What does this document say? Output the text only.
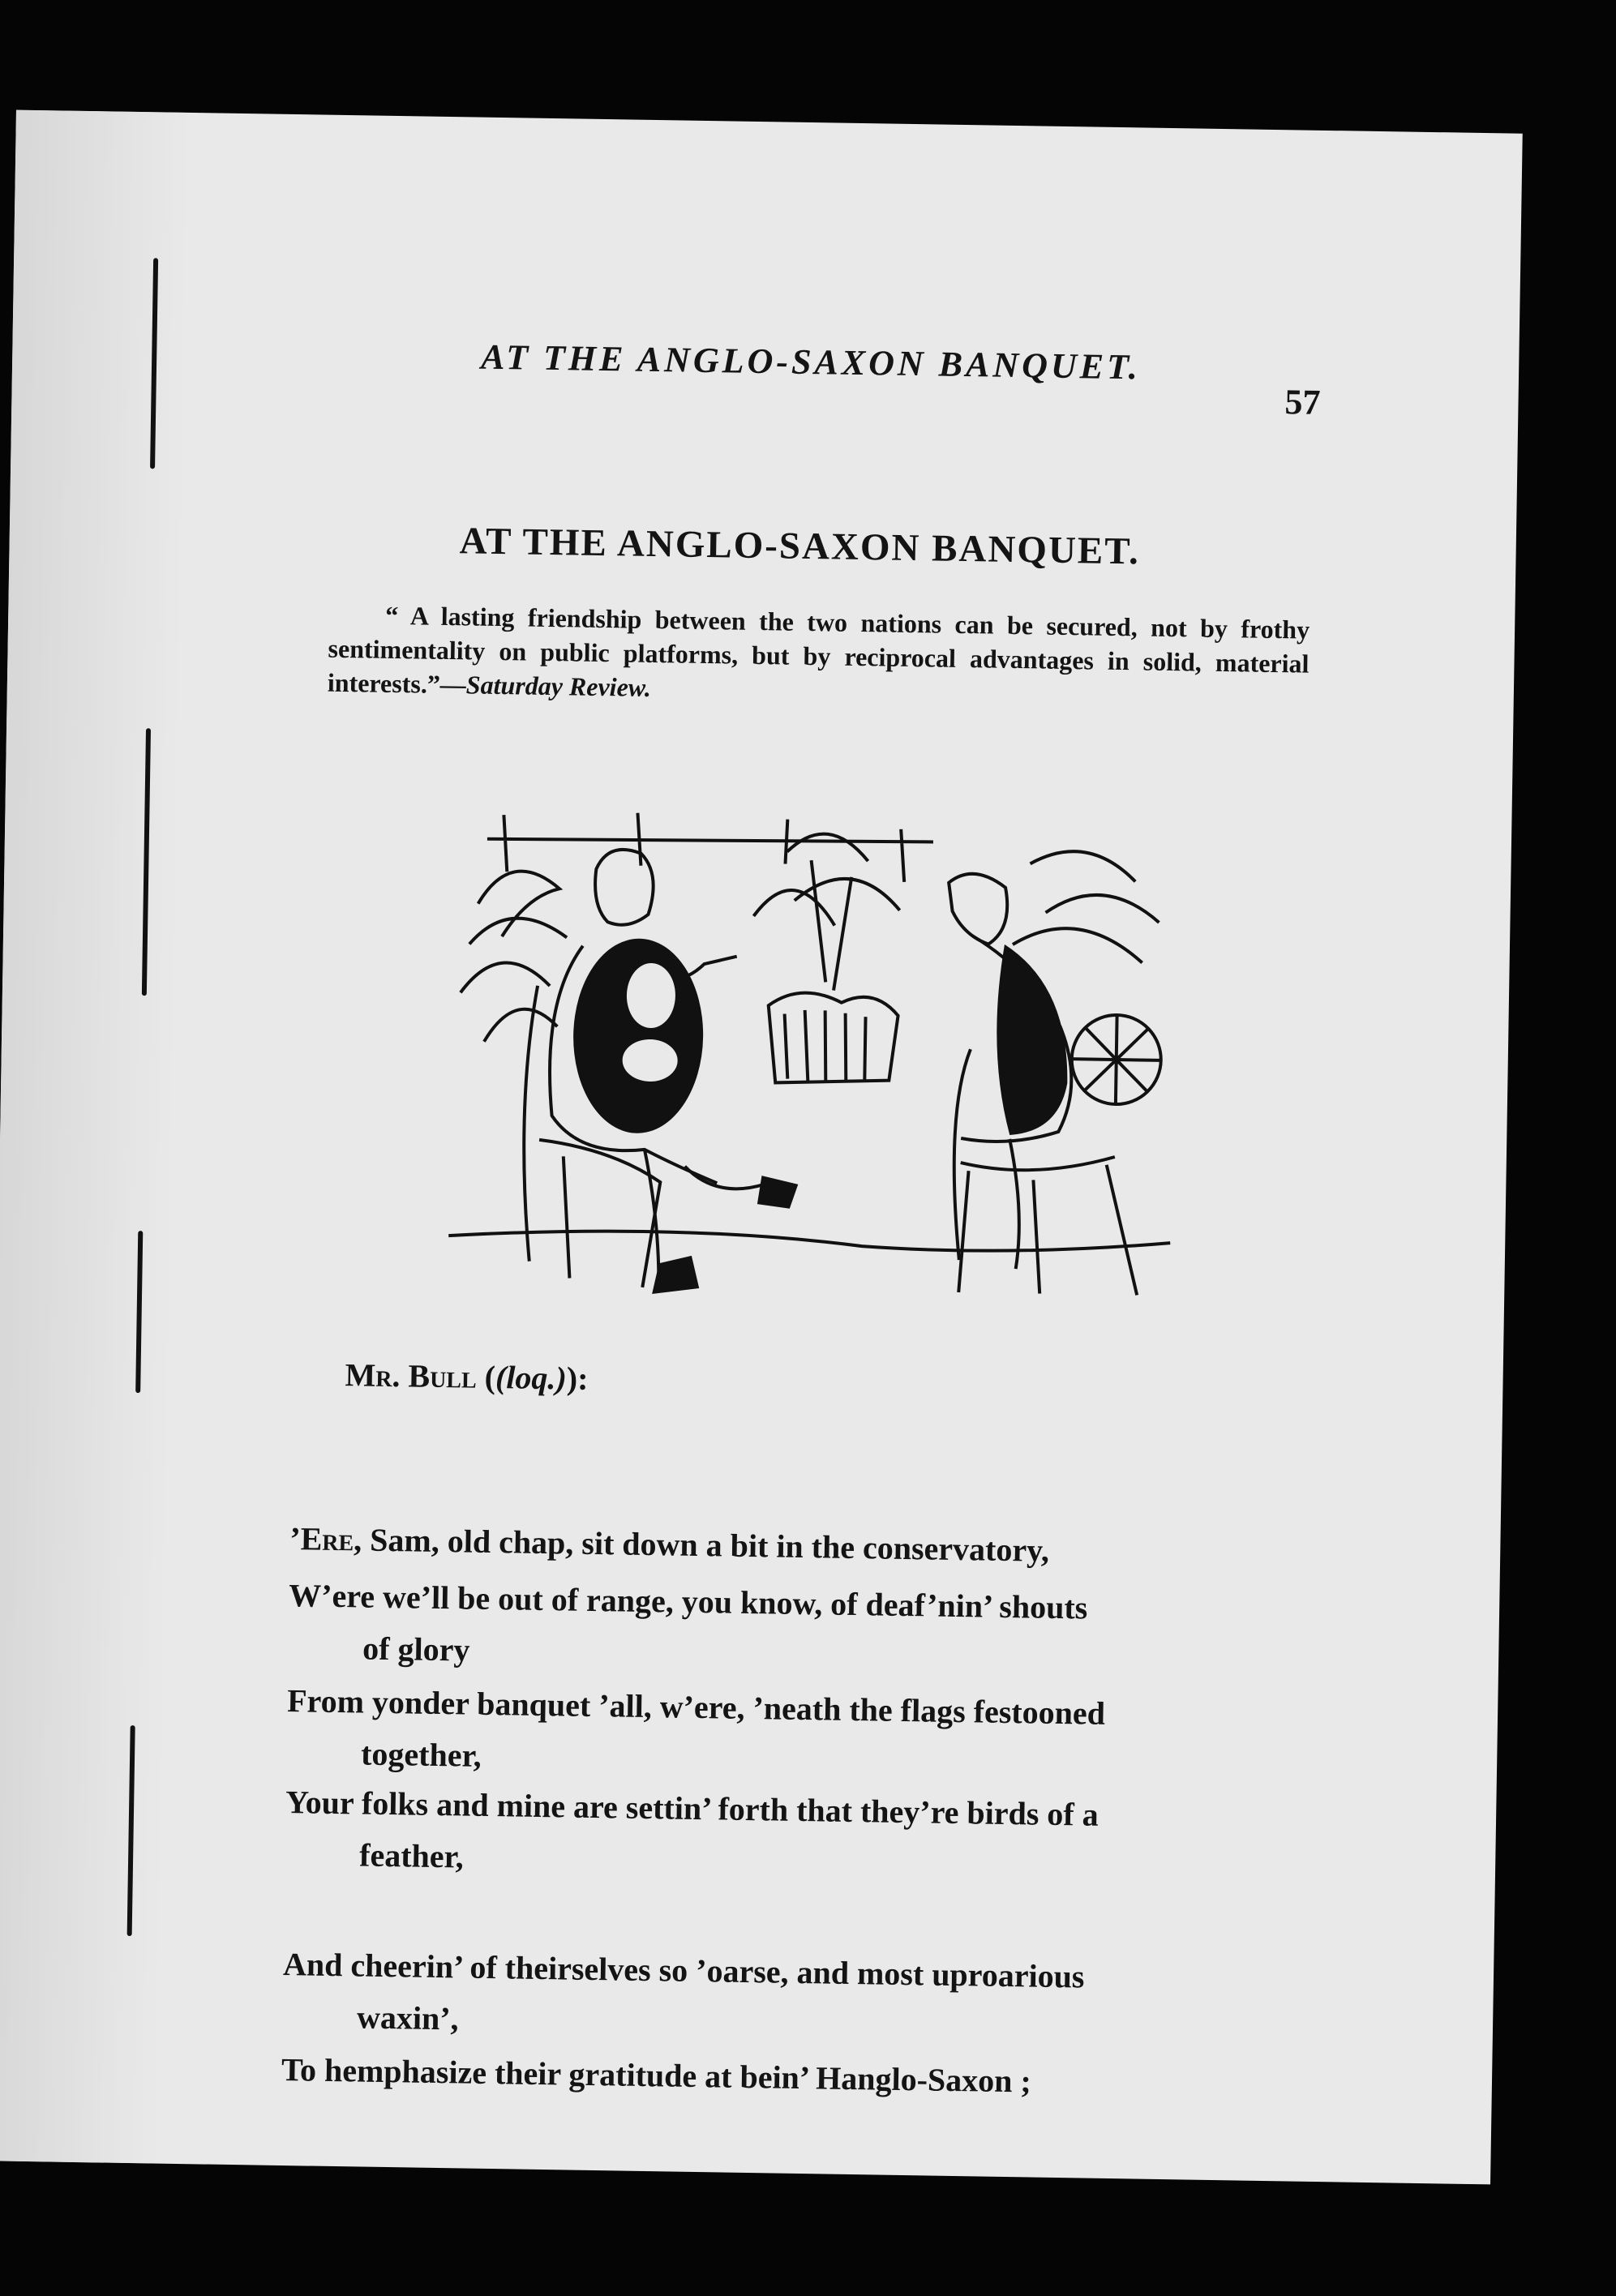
AT THE ANGLO-SAXON BANQUET.
57
AT THE ANGLO-SAXON BANQUET.
“ A lasting friendship between the two nations can be secured, not by frothy sentimentality on public platforms, but by reciprocal advantages in solid, material interests.”—Saturday Review.
Mr. Bull ((loq.)):
’Ere, Sam, old chap, sit down a bit in the conservatory,
W’ere we’ll be out of range, you know, of deaf’nin’ shouts
of glory
From yonder banquet ’all, w’ere, ’neath the flags festooned
together,
Your folks and mine are settin’ forth that they’re birds of a
feather,
And cheerin’ of theirselves so ’oarse, and most uproarious
waxin’,
To hemphasize their gratitude at bein’ Hanglo-Saxon ;
